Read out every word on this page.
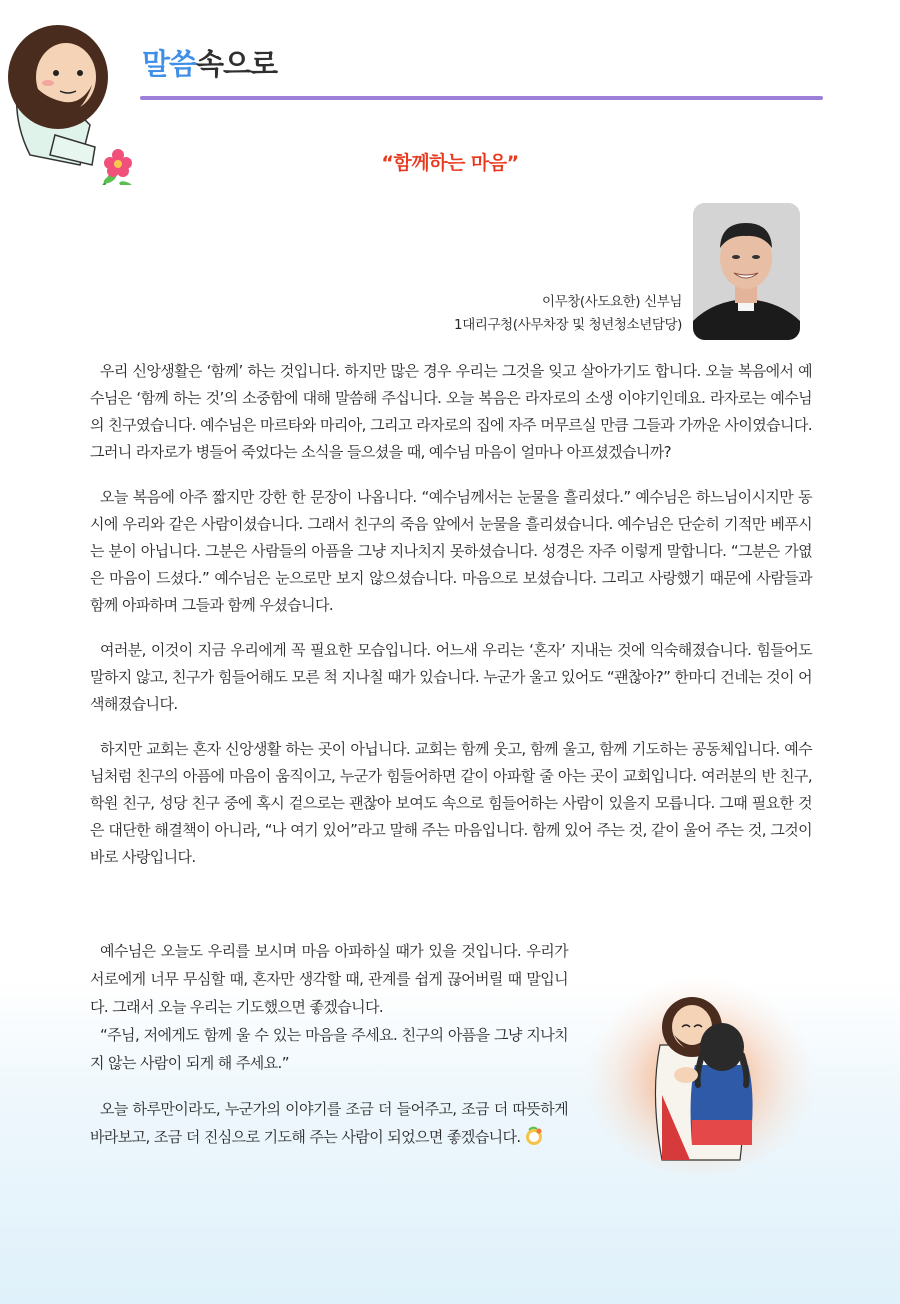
말씀속으로
“함께하는 마음”
이무창(사도요한) 신부님
1대리구청(사무차장 및 청년청소년담당)

우리 신앙생활은 ‘함께’ 하는 것입니다. 하지만 많은 경우 우리는 그것을 잊고 살아가기도 합니다. 오늘 복음에서 예수님은 ‘함께 하는 것’의 소중함에 대해 말씀해 주십니다. 오늘 복음은 라자로의 소생 이야기인데요. 라자로는 예수님의 친구였습니다. 예수님은 마르타와 마리아, 그리고 라자로의 집에 자주 머무르실 만큼 그들과 가까운 사이였습니다. 그러니 라자로가 병들어 죽었다는 소식을 들으셨을 때, 예수님 마음이 얼마나 아프셨겠습니까?

오늘 복음에 아주 짧지만 강한 한 문장이 나옵니다. “예수님께서는 눈물을 흘리셨다.” 예수님은 하느님이시지만 동시에 우리와 같은 사람이셨습니다. 그래서 친구의 죽음 앞에서 눈물을 흘리셨습니다. 예수님은 단순히 기적만 베푸시는 분이 아닙니다. 그분은 사람들의 아픔을 그냥 지나치지 못하셨습니다. 성경은 자주 이렇게 말합니다. “그분은 가엾은 마음이 드셨다.” 예수님은 눈으로만 보지 않으셨습니다. 마음으로 보셨습니다. 그리고 사랑했기 때문에 사람들과 함께 아파하며 그들과 함께 우셨습니다.

여러분, 이것이 지금 우리에게 꼭 필요한 모습입니다. 어느새 우리는 ‘혼자’ 지내는 것에 익숙해졌습니다. 힘들어도 말하지 않고, 친구가 힘들어해도 모른 척 지나칠 때가 있습니다. 누군가 울고 있어도 “괜찮아?” 한마디 건네는 것이 어색해졌습니다.

하지만 교회는 혼자 신앙생활 하는 곳이 아닙니다. 교회는 함께 웃고, 함께 울고, 함께 기도하는 공동체입니다. 예수님처럼 친구의 아픔에 마음이 움직이고, 누군가 힘들어하면 같이 아파할 줄 아는 곳이 교회입니다. 여러분의 반 친구, 학원 친구, 성당 친구 중에 혹시 겉으로는 괜찮아 보여도 속으로 힘들어하는 사람이 있을지 모릅니다. 그때 필요한 것은 대단한 해결책이 아니라, “나 여기 있어”라고 말해 주는 마음입니다. 함께 있어 주는 것, 같이 울어 주는 것, 그것이 바로 사랑입니다.

예수님은 오늘도 우리를 보시며 마음 아파하실 때가 있을 것입니다. 우리가 서로에게 너무 무심할 때, 혼자만 생각할 때, 관계를 쉽게 끊어버릴 때 말입니다. 그래서 오늘 우리는 기도했으면 좋겠습니다.

“주님, 저에게도 함께 울 수 있는 마음을 주세요. 친구의 아픔을 그냥 지나치지 않는 사람이 되게 해 주세요.”

오늘 하루만이라도, 누군가의 이야기를 조금 더 들어주고, 조금 더 따뜻하게 바라보고, 조금 더 진심으로 기도해 주는 사람이 되었으면 좋겠습니다.
